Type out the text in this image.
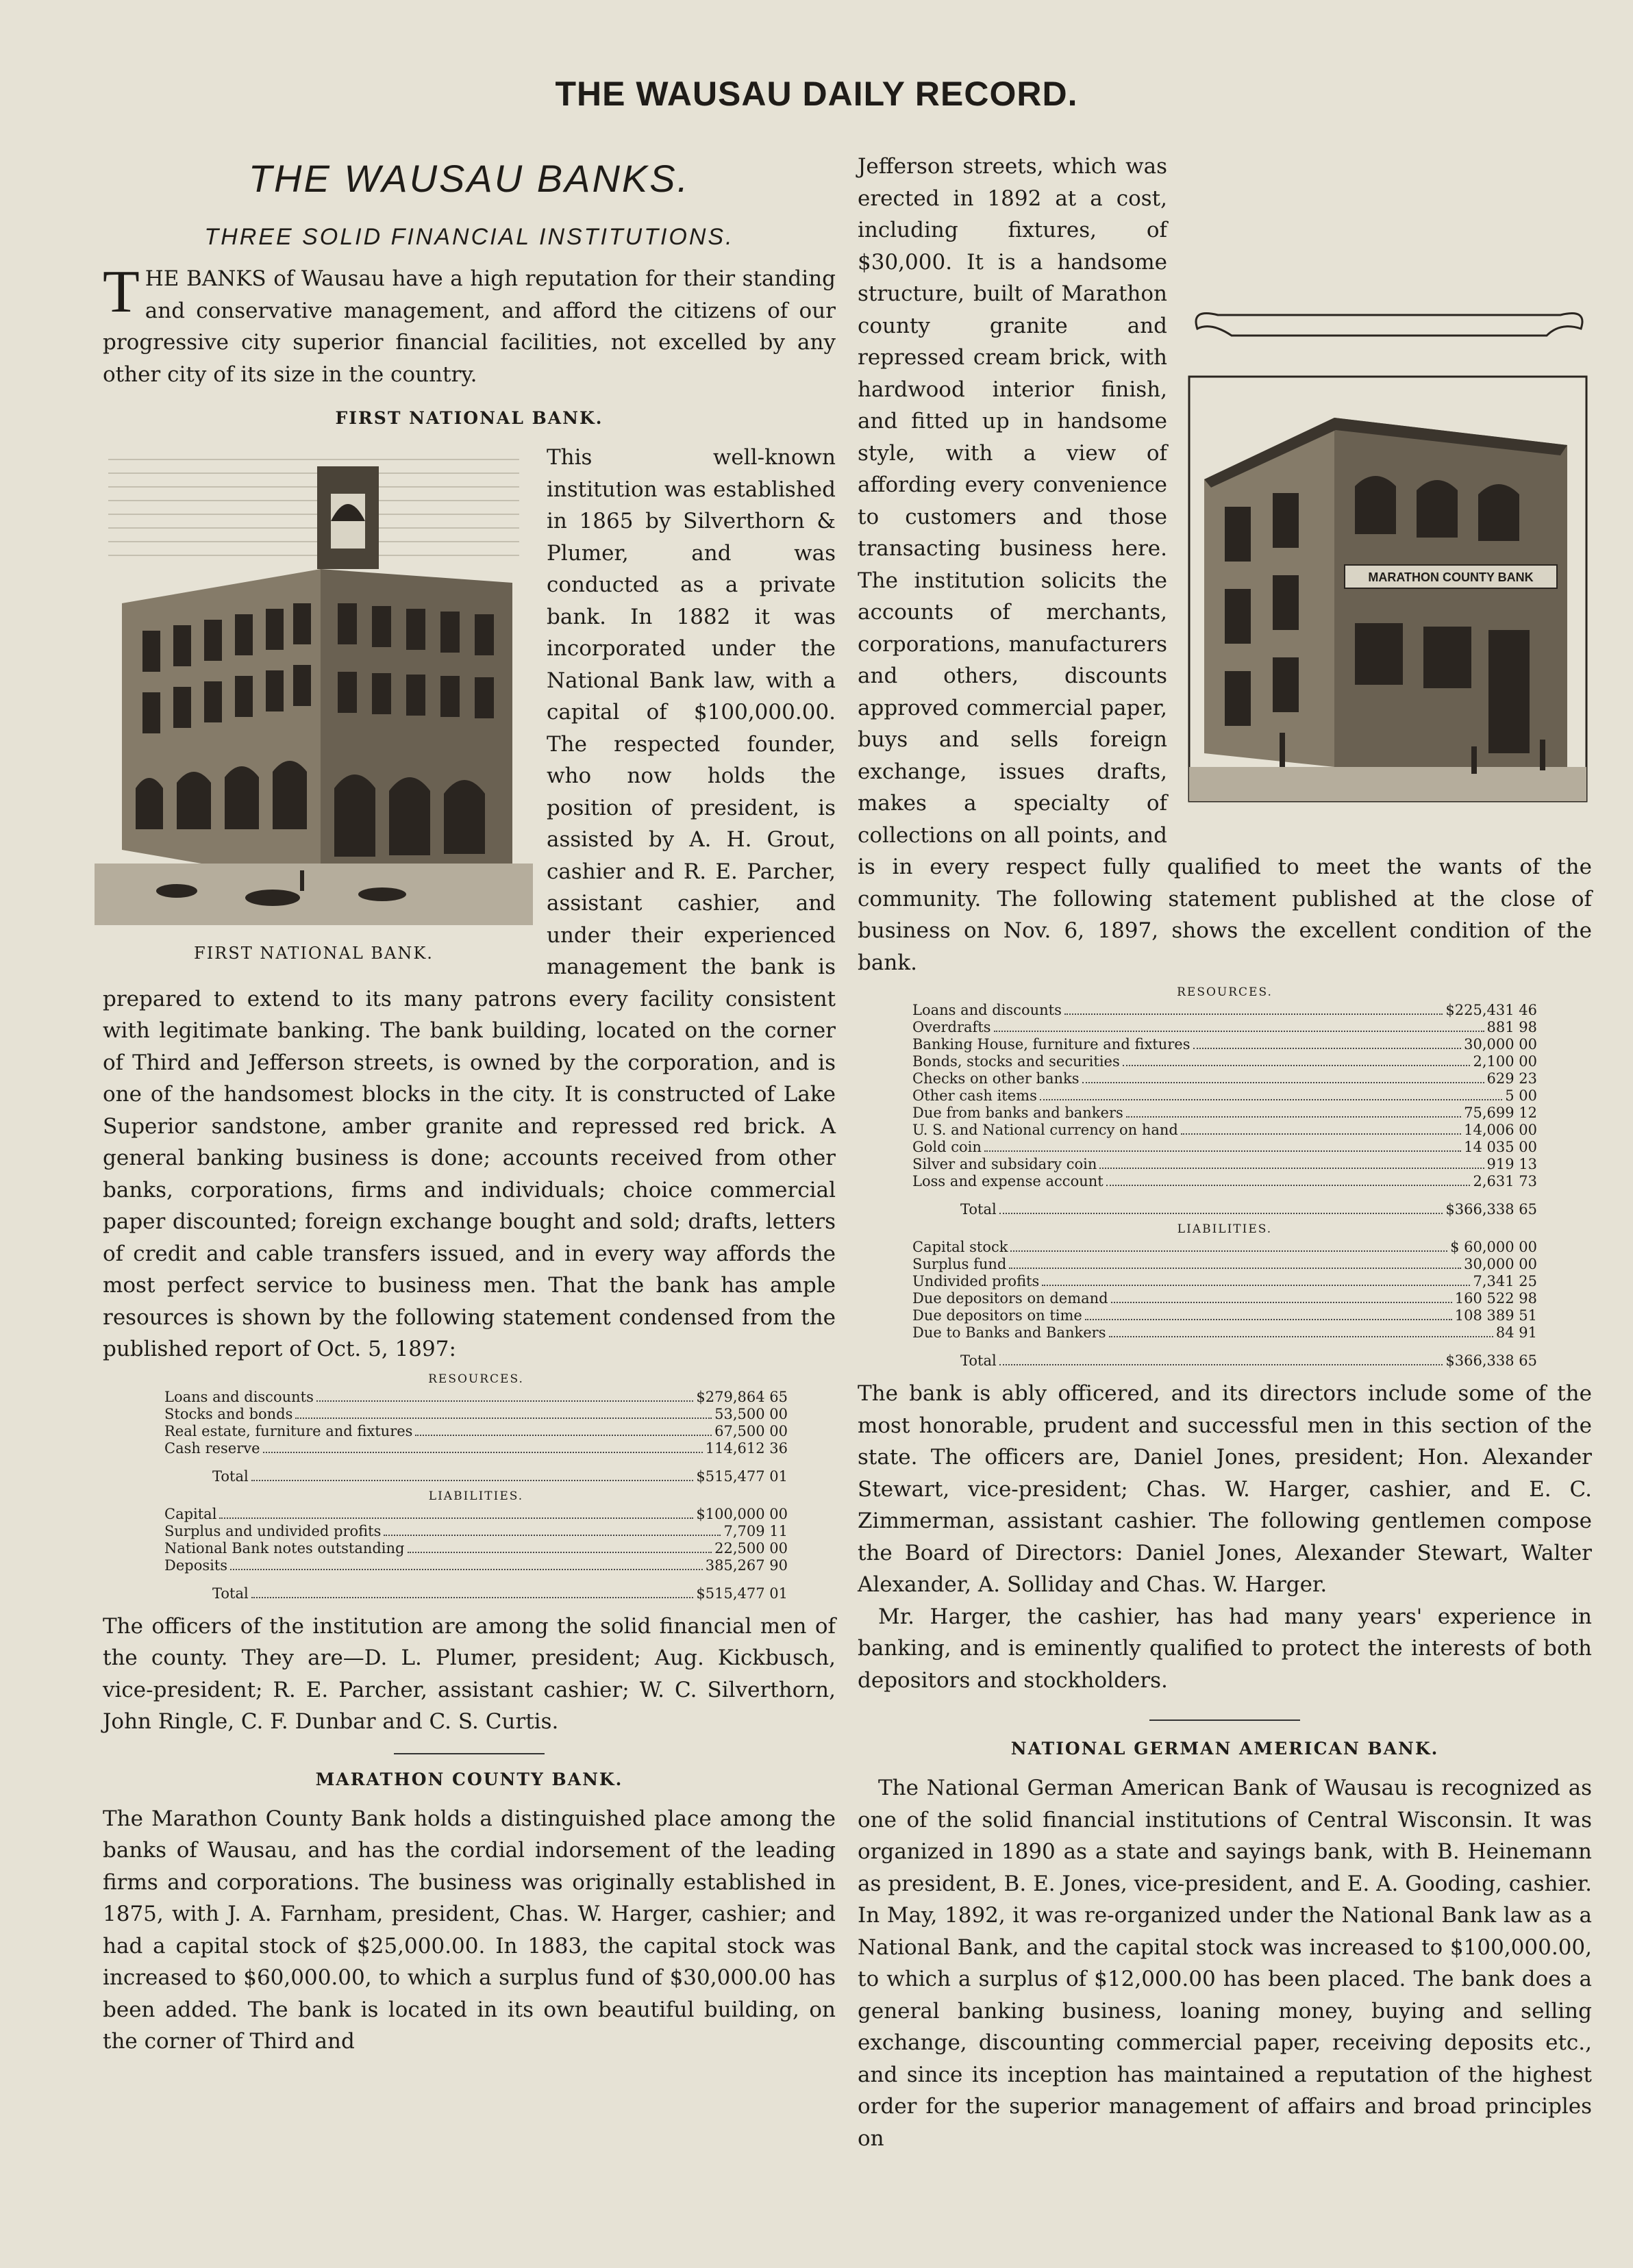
THE WAUSAU DAILY RECORD.
THE WAUSAU BANKS.
THREE SOLID FINANCIAL INSTITUTIONS.

THE BANKS of Wausau have a high reputation for their standing and conservative management, and afford the citizens of our progressive city superior financial facilities, not excelled by any other city of its size in the country.

FIRST NATIONAL BANK.

FIRST NATIONAL BANK.
This well-known institution was established in 1865 by Silverthorn & Plumer, and was conducted as a private bank. In 1882 it was incorporated under the National Bank law, with a capital of $100,000.00. The respected founder, who now holds the position of president, is assisted by A. H. Grout, cashier and R. E. Parcher, assistant cashier, and under their experienced management the bank is prepared to extend to its many patrons every facility consistent with legitimate banking. The bank building, located on the corner of Third and Jefferson streets, is owned by the corporation, and is one of the handsomest blocks in the city. It is constructed of Lake Superior sandstone, amber granite and repressed red brick. A general banking business is done; accounts received from other banks, corporations, firms and individuals; choice commercial paper discounted; foreign exchange bought and sold; drafts, letters of credit and cable transfers issued, and in every way affords the most perfect service to business men. That the bank has ample resources is shown by the following statement condensed from the published report of Oct. 5, 1897:

RESOURCES.
Loans and discounts	$279,864 65
Stocks and bonds	53,500 00
Real estate, furniture and fixtures	67,500 00
Cash reserve	114,612 36
Total	$515,477 01
LIABILITIES.
Capital	$100,000 00
Surplus and undivided profits	7,709 11
National Bank notes outstanding	22,500 00
Deposits	385,267 90
Total	$515,477 01

The officers of the institution are among the solid financial men of the county. They are—D. L. Plumer, president; Aug. Kickbusch, vice-president; R. E. Parcher, assistant cashier; W. C. Silverthorn, John Ringle, C. F. Dunbar and C. S. Curtis.

MARATHON COUNTY BANK.

The Marathon County Bank holds a distinguished place among the banks of Wausau, and has the cordial indorsement of the leading firms and corporations. The business was originally established in 1875, with J. A. Farnham, president, Chas. W. Harger, cashier; and had a capital stock of $25,000.00. In 1883, the capital stock was increased to $60,000.00, to which a surplus fund of $30,000.00 has been added. The bank is located in its own beautiful building, on the corner of Third and

MARATHON COUNTY BANK
Jefferson streets, which was erected in 1892 at a cost, including fixtures, of $30,000. It is a handsome structure, built of Marathon county granite and repressed cream brick, with hardwood interior finish, and fitted up in handsome style, with a view of affording every convenience to customers and those transacting business here. The institution solicits the accounts of merchants, corporations, manufacturers and others, discounts approved commercial paper, buys and sells foreign exchange, issues drafts, makes a specialty of collections on all points, and is in every respect fully qualified to meet the wants of the community. The following statement published at the close of business on Nov. 6, 1897, shows the excellent condition of the bank.

RESOURCES.
Loans and discounts	$225,431 46
Overdrafts	881 98
Banking House, furniture and fixtures	30,000 00
Bonds, stocks and securities	2,100 00
Checks on other banks	629 23
Other cash items	5 00
Due from banks and bankers	75,699 12
U. S. and National currency on hand	14,006 00
Gold coin	14 035 00
Silver and subsidary coin	919 13
Loss and expense account	2,631 73
Total	$366,338 65
LIABILITIES.
Capital stock	$ 60,000 00
Surplus fund	30,000 00
Undivided profits	7,341 25
Due depositors on demand	160 522 98
Due depositors on time	108 389 51
Due to Banks and Bankers	84 91
Total	$366,338 65

The bank is ably officered, and its directors include some of the most honorable, prudent and successful men in this section of the state. The officers are, Daniel Jones, president; Hon. Alexander Stewart, vice-president; Chas. W. Harger, cashier, and E. C. Zimmerman, assistant cashier. The following gentlemen compose the Board of Directors: Daniel Jones, Alexander Stewart, Walter Alexander, A. Solliday and Chas. W. Harger.

Mr. Harger, the cashier, has had many years' experience in banking, and is eminently qualified to protect the interests of both depositors and stockholders.

NATIONAL GERMAN AMERICAN BANK.

The National German American Bank of Wausau is recognized as one of the solid financial institutions of Central Wisconsin. It was organized in 1890 as a state and sayings bank, with B. Heinemann as president, B. E. Jones, vice-president, and E. A. Gooding, cashier. In May, 1892, it was re-organized under the National Bank law as a National Bank, and the capital stock was increased to $100,000.00, to which a surplus of $12,000.00 has been placed. The bank does a general banking business, loaning money, buying and selling exchange, discounting commercial paper, receiving deposits etc., and since its inception has maintained a reputation of the highest order for the superior management of affairs and broad principles on
